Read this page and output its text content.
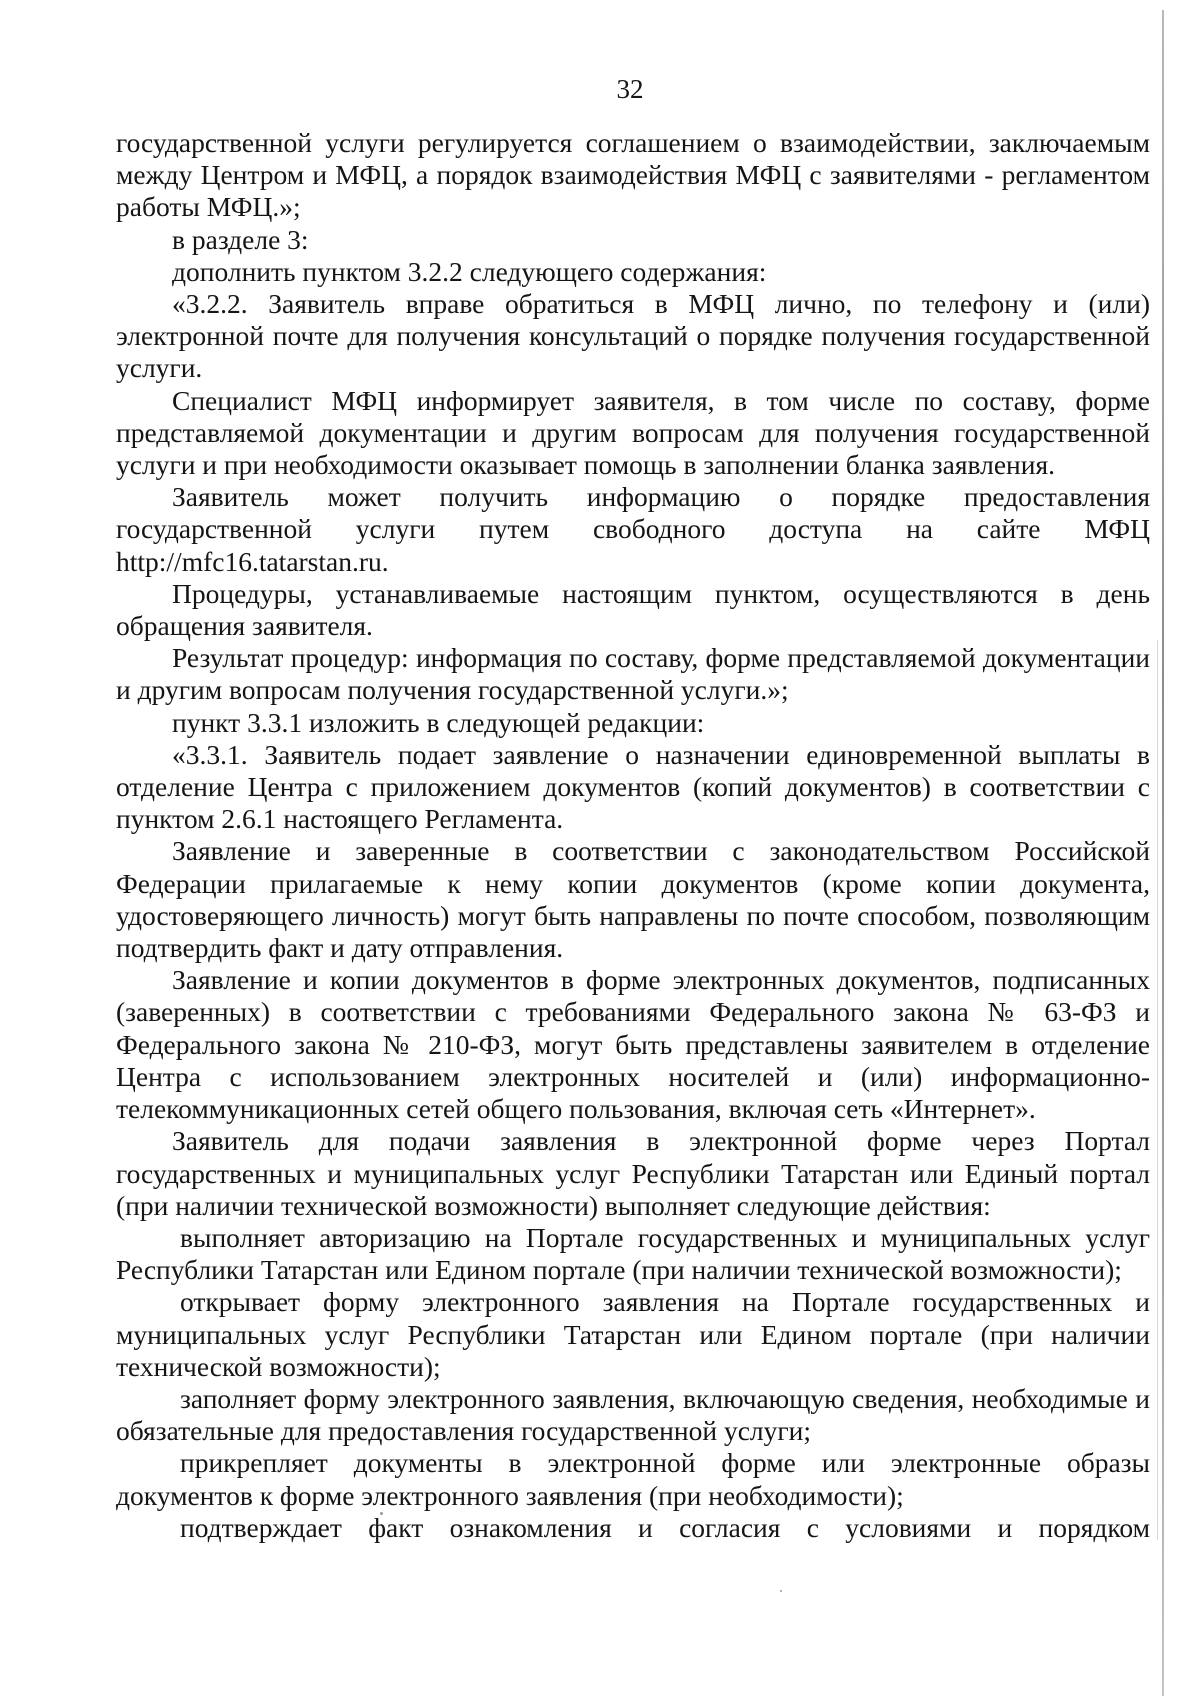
32

государственной услуги регулируется соглашением о взаимодействии, заключаемым между Центром и МФЦ, а порядок взаимодействия МФЦ с заявителями - регламентом работы МФЦ.»;

в разделе 3:

дополнить пунктом 3.2.2 следующего содержания:

«3.2.2. Заявитель вправе обратиться в МФЦ лично, по телефону и (или) электронной почте для получения консультаций о порядке получения государственной услуги.

Специалист МФЦ информирует заявителя, в том числе по составу, форме представляемой документации и другим вопросам для получения государственной услуги и при необходимости оказывает помощь в заполнении бланка заявления.

Заявитель может получить информацию о порядке предоставления государственной услуги путем свободного доступа на сайте МФЦ http://mfc16.tatarstan.ru.

Процедуры, устанавливаемые настоящим пунктом, осуществляются в день обращения заявителя.

Результат процедур: информация по составу, форме представляемой документации и другим вопросам получения государственной услуги.»;

пункт 3.3.1 изложить в следующей редакции:

«3.3.1. Заявитель подает заявление о назначении единовременной выплаты в отделение Центра с приложением документов (копий документов) в соответствии с пунктом 2.6.1 настоящего Регламента.

Заявление и заверенные в соответствии с законодательством Российской Федерации прилагаемые к нему копии документов (кроме копии документа, удостоверяющего личность) могут быть направлены по почте способом, позволяющим подтвердить факт и дату отправления.

Заявление и копии документов в форме электронных документов, подписанных (заверенных) в соответствии с требованиями Федерального закона № 63-ФЗ и Федерального закона № 210-ФЗ, могут быть представлены заявителем в отделение Центра с использованием электронных носителей и (или) информационно-телекоммуникационных сетей общего пользования, включая сеть «Интернет».

Заявитель для подачи заявления в электронной форме через Портал государственных и муниципальных услуг Республики Татарстан или Единый портал (при наличии технической возможности) выполняет следующие действия:

выполняет авторизацию на Портале государственных и муниципальных услуг Республики Татарстан или Едином портале (при наличии технической возможности);

открывает форму электронного заявления на Портале государственных и муниципальных услуг Республики Татарстан или Едином портале (при наличии технической возможности);

заполняет форму электронного заявления, включающую сведения, необходимые и обязательные для предоставления государственной услуги;

прикрепляет документы в электронной форме или электронные образы документов к форме электронного заявления (при необходимости);

подтверждает факт ознакомления и согласия с условиями и порядком
